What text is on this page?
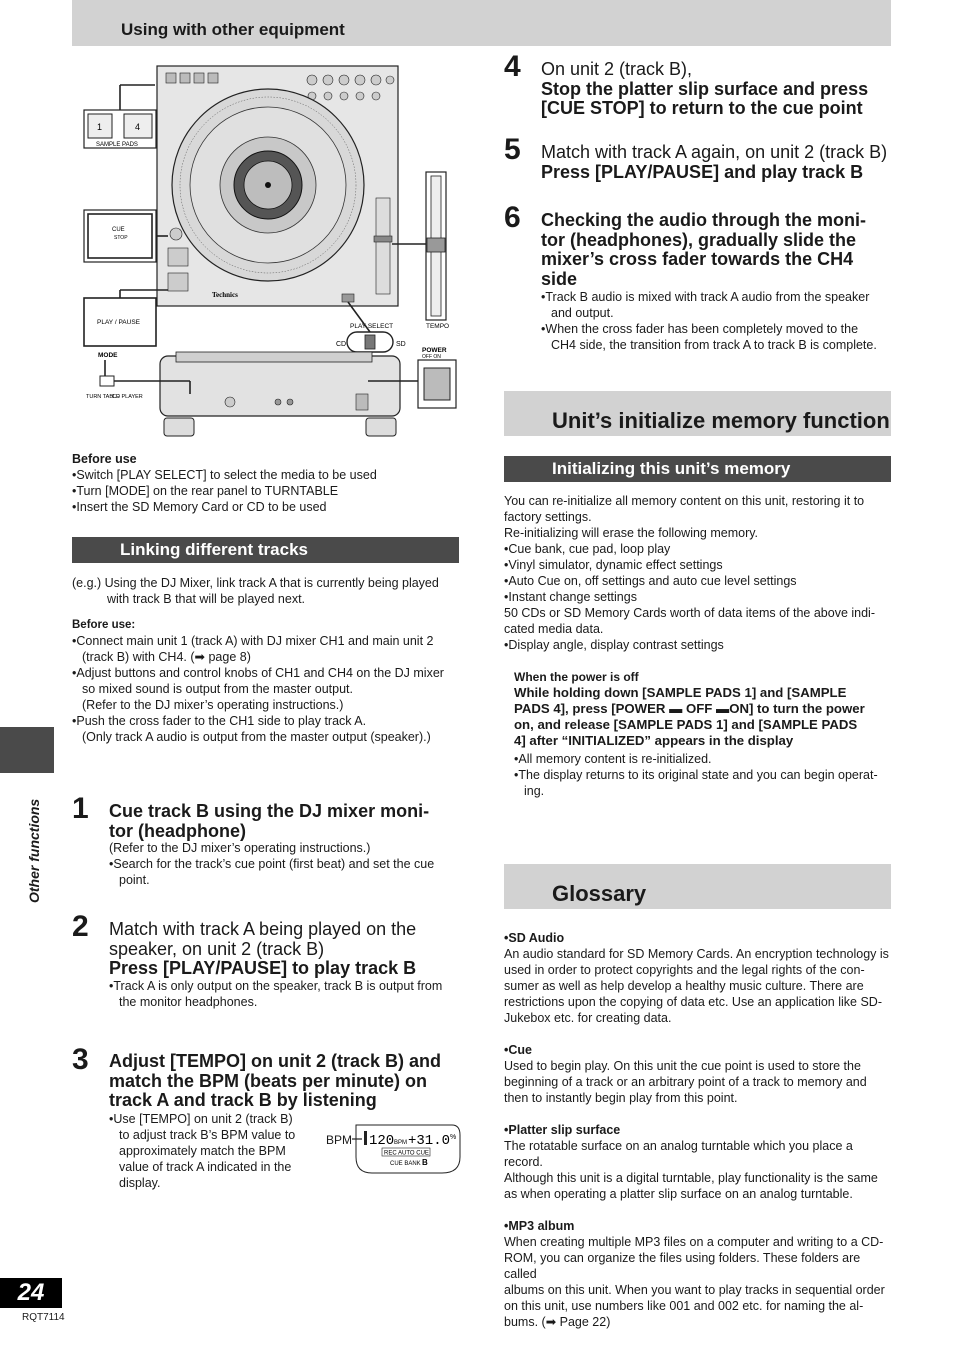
Using with other equipment
Technics
1	4
SAMPLE PADS
CUE
STOP
PLAY / PAUSE
TEMPO
PLAY SELECT
CD	SD
MODE
TURN TABLE
CD PLAYER
POWER
OFF ON

Before use

• Switch [PLAY SELECT] to select the media to be used

• Turn [MODE] on the rear panel to TURNTABLE

• Insert the SD Memory Card or CD to be used

Linking different tracks

(e.g.) Using the DJ Mixer, link track A that is currently being played

with track B that will be played next.

Before use:

• Connect main unit 1 (track A) with DJ mixer CH1 and main unit 2

(track B) with CH4. (➡ page 8)

• Adjust buttons and control knobs of CH1 and CH4 on the DJ mixer

so mixed sound is output from the master output.

(Refer to the DJ mixer’s operating instructions.)

• Push the cross fader to the CH1 side to play track A.

(Only track A audio is output from the master output (speaker).)

1 Cue track B using the DJ mixer moni-
tor (headphone)

(Refer to the DJ mixer’s operating instructions.)

• Search for the track’s cue point (first beat) and set the cue

point.

2 Match with track A being played on the
speaker, on unit 2 (track B)
Press [PLAY/PAUSE] to play track B

• Track A is only output on the speaker, track B is output from

the monitor headphones.

3 Adjust [TEMPO] on unit 2 (track B) and
match the BPM (beats per minute) on
track A and track B by listening

• Use [TEMPO] on unit 2 (track B)

to adjust track B’s BPM value to

approximately match the BPM

value of track A indicated in the

display.

BPM 120 BPM +31.0 %
REC AUTO CUE
CUE BANK B
4 On unit 2 (track B),
Stop the platter slip surface and press
[CUE STOP] to return to the cue point
5 Match with track A again, on unit 2 (track B)
Press [PLAY/PAUSE] and play track B
6 Checking the audio through the moni-
tor (headphones), gradually slide the
mixer’s cross fader towards the CH4
side

• Track B audio is mixed with track A audio from the speaker

and output.

• When the cross fader has been completely moved to the

CH4 side, the transition from track A to track B is complete.

Unit’s initialize memory function
Initializing this unit’s memory

You can re-initialize all memory content on this unit, restoring it to

factory settings.

Re-initializing will erase the following memory.

• Cue bank, cue pad, loop play

• Vinyl simulator, dynamic effect settings

• Auto Cue on, off settings and auto cue level settings

• Instant change settings

50 CDs or SD Memory Cards worth of data items of the above indi-

cated media data.

• Display angle, display contrast settings

When the power is off
While holding down [SAMPLE PADS 1] and [SAMPLE
PADS 4], press [POWER ▬ OFF ▬ON] to turn the power
on, and release [SAMPLE PADS 1] and [SAMPLE PADS
4] after “INITIALIZED” appears in the display

• All memory content is re-initialized.

• The display returns to its original state and you can begin operat-

ing.

Glossary

• SD Audio

An audio standard for SD Memory Cards. An encryption technology is

used in order to protect copyrights and the legal rights of the con-

sumer as well as help develop a healthy music culture. There are

restrictions upon the copying of data etc. Use an application like SD-

Jukebox etc. for creating data.

• Cue

Used to begin play. On this unit the cue point is used to store the

beginning of a track or an arbitrary point of a track to memory and

then to instantly begin play from this point.

• Platter slip surface

The rotatable surface on an analog turntable which you place a record.

Although this unit is a digital turntable, play functionality is the same

as when operating a platter slip surface on an analog turntable.

• MP3 album

When creating multiple MP3 files on a computer and writing to a CD-

ROM, you can organize the files using folders. These folders are called

albums on this unit. When you want to play tracks in sequential order

on this unit, use numbers like 001 and 002 etc. for naming the al-

bums. (➡ Page 22)

Other functions
24
RQT7114
